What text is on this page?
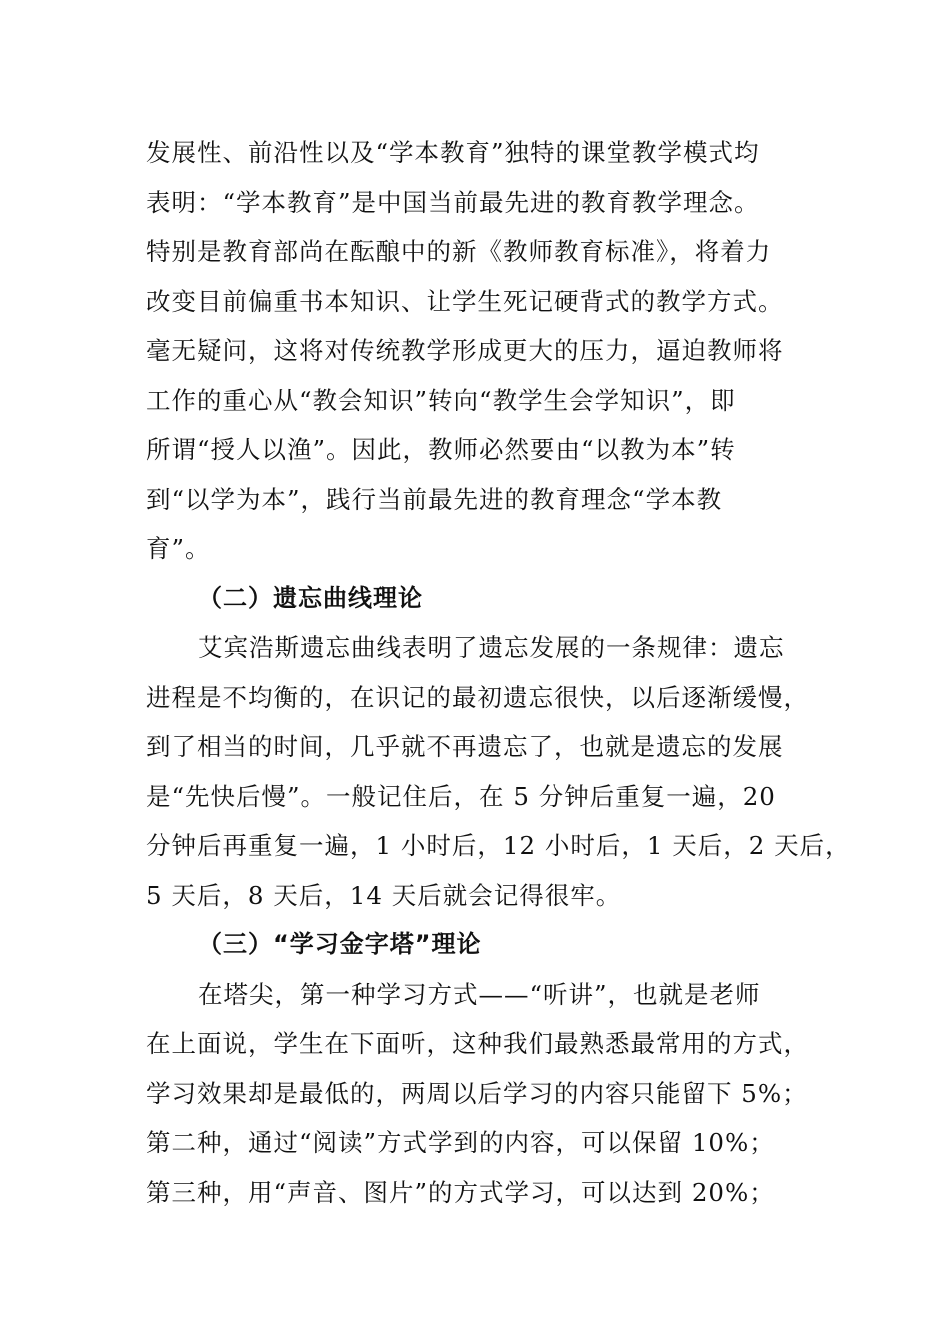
发展性、前沿性以及“学本教育”独特的课堂教学模式均
表明：“学本教育”是中国当前最先进的教育教学理念。
特别是教育部尚在酝酿中的新《教师教育标准》，将着力
改变目前偏重书本知识、让学生死记硬背式的教学方式。
毫无疑问，这将对传统教学形成更大的压力，逼迫教师将
工作的重心从“教会知识”转向“教学生会学知识”，即
所谓“授人以渔”。因此，教师必然要由“以教为本”转
到“以学为本”，践行当前最先进的教育理念“学本教
育”。
（二）遗忘曲线理论
艾宾浩斯遗忘曲线表明了遗忘发展的一条规律：遗忘
进程是不均衡的，在识记的最初遗忘很快，以后逐渐缓慢，
到了相当的时间，几乎就不再遗忘了，也就是遗忘的发展
是“先快后慢”。一般记住后，在 5 分钟后重复一遍，20
分钟后再重复一遍，1 小时后，12 小时后，1 天后，2 天后，
5 天后，8 天后，14 天后就会记得很牢。
（三）“学习金字塔”理论
在塔尖，第一种学习方式——“听讲”，也就是老师
在上面说，学生在下面听，这种我们最熟悉最常用的方式，
学习效果却是最低的，两周以后学习的内容只能留下 5%；
第二种，通过“阅读”方式学到的内容，可以保留 10%；
第三种，用“声音、图片”的方式学习，可以达到 20%；
